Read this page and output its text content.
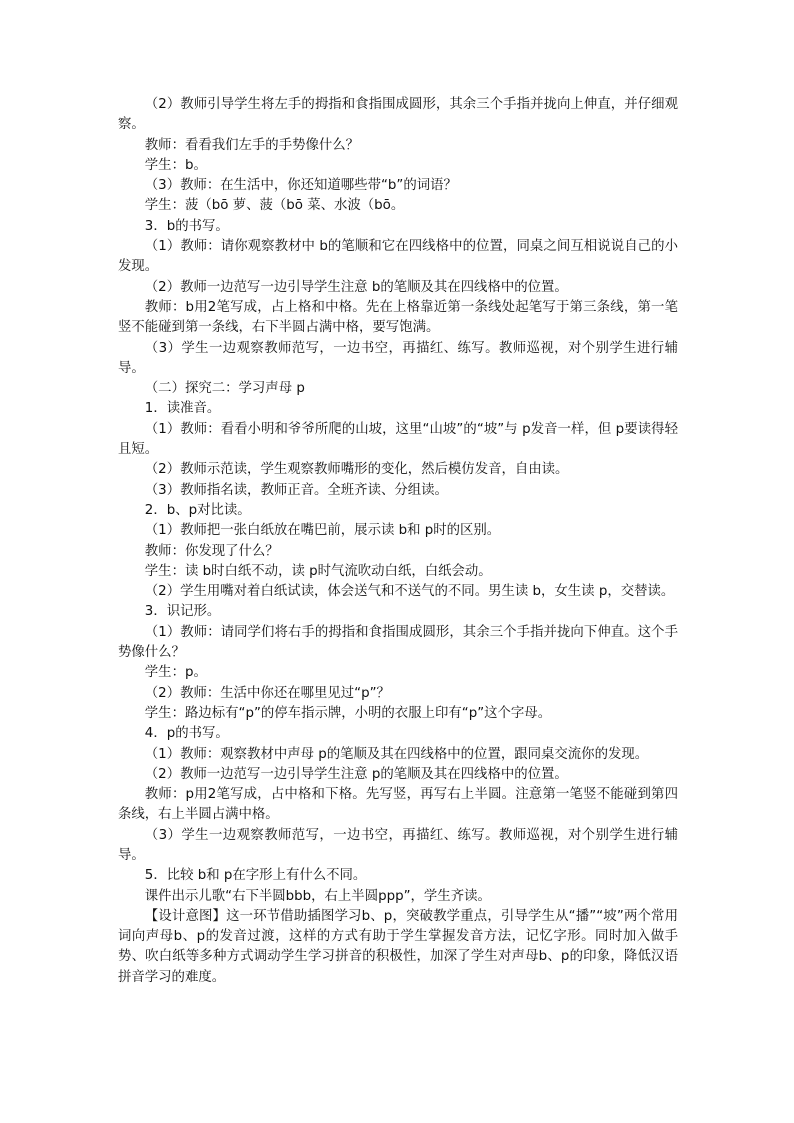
（2）教师引导学生将左手的拇指和食指围成圆形，其余三个手指并拢向上伸直，并仔细观察。

教师：看看我们左手的手势像什么？

学生：b。

（3）教师：在生活中，你还知道哪些带“b”的词语？

学生：菠（bō 萝、菠（bō 菜、水波（bō。

3．b的书写。

（1）教师：请你观察教材中 b的笔顺和它在四线格中的位置，同桌之间互相说说自己的小发现。

（2）教师一边范写一边引导学生注意 b的笔顺及其在四线格中的位置。

教师：b用2笔写成，占上格和中格。先在上格靠近第一条线处起笔写于第三条线，第一笔竖不能碰到第一条线，右下半圆占满中格，要写饱满。

（3）学生一边观察教师范写，一边书空，再描红、练写。教师巡视，对个别学生进行辅导。

（二）探究二：学习声母 p

1．读准音。

（1）教师：看看小明和爷爷所爬的山坡，这里“山坡”的“坡”与 p发音一样，但 p要读得轻且短。

（2）教师示范读，学生观察教师嘴形的变化，然后模仿发音，自由读。

（3）教师指名读，教师正音。全班齐读、分组读。

2．b、p对比读。

（1）教师把一张白纸放在嘴巴前，展示读 b和 p时的区别。

教师：你发现了什么？

学生：读 b时白纸不动，读 p时气流吹动白纸，白纸会动。

（2）学生用嘴对着白纸试读，体会送气和不送气的不同。男生读 b，女生读 p，交替读。

3．识记形。

（1）教师：请同学们将右手的拇指和食指围成圆形，其余三个手指并拢向下伸直。这个手势像什么？

学生：p。

（2）教师：生活中你还在哪里见过“p”？

学生：路边标有“p”的停车指示牌，小明的衣服上印有“p”这个字母。

4．p的书写。

（1）教师：观察教材中声母 p的笔顺及其在四线格中的位置，跟同桌交流你的发现。

（2）教师一边范写一边引导学生注意 p的笔顺及其在四线格中的位置。

教师：p用2笔写成，占中格和下格。先写竖，再写右上半圆。注意第一笔竖不能碰到第四条线，右上半圆占满中格。

（3）学生一边观察教师范写，一边书空，再描红、练写。教师巡视，对个别学生进行辅导。

5．比较 b和 p在字形上有什么不同。

课件出示儿歌“右下半圆bbb，右上半圆ppp”，学生齐读。

【设计意图】这一环节借助插图学习b、p，突破教学重点，引导学生从“播”“坡”两个常用词向声母b、p的发音过渡，这样的方式有助于学生掌握发音方法，记忆字形。同时加入做手势、吹白纸等多种方式调动学生学习拼音的积极性，加深了学生对声母b、p的印象，降低汉语拼音学习的难度。
